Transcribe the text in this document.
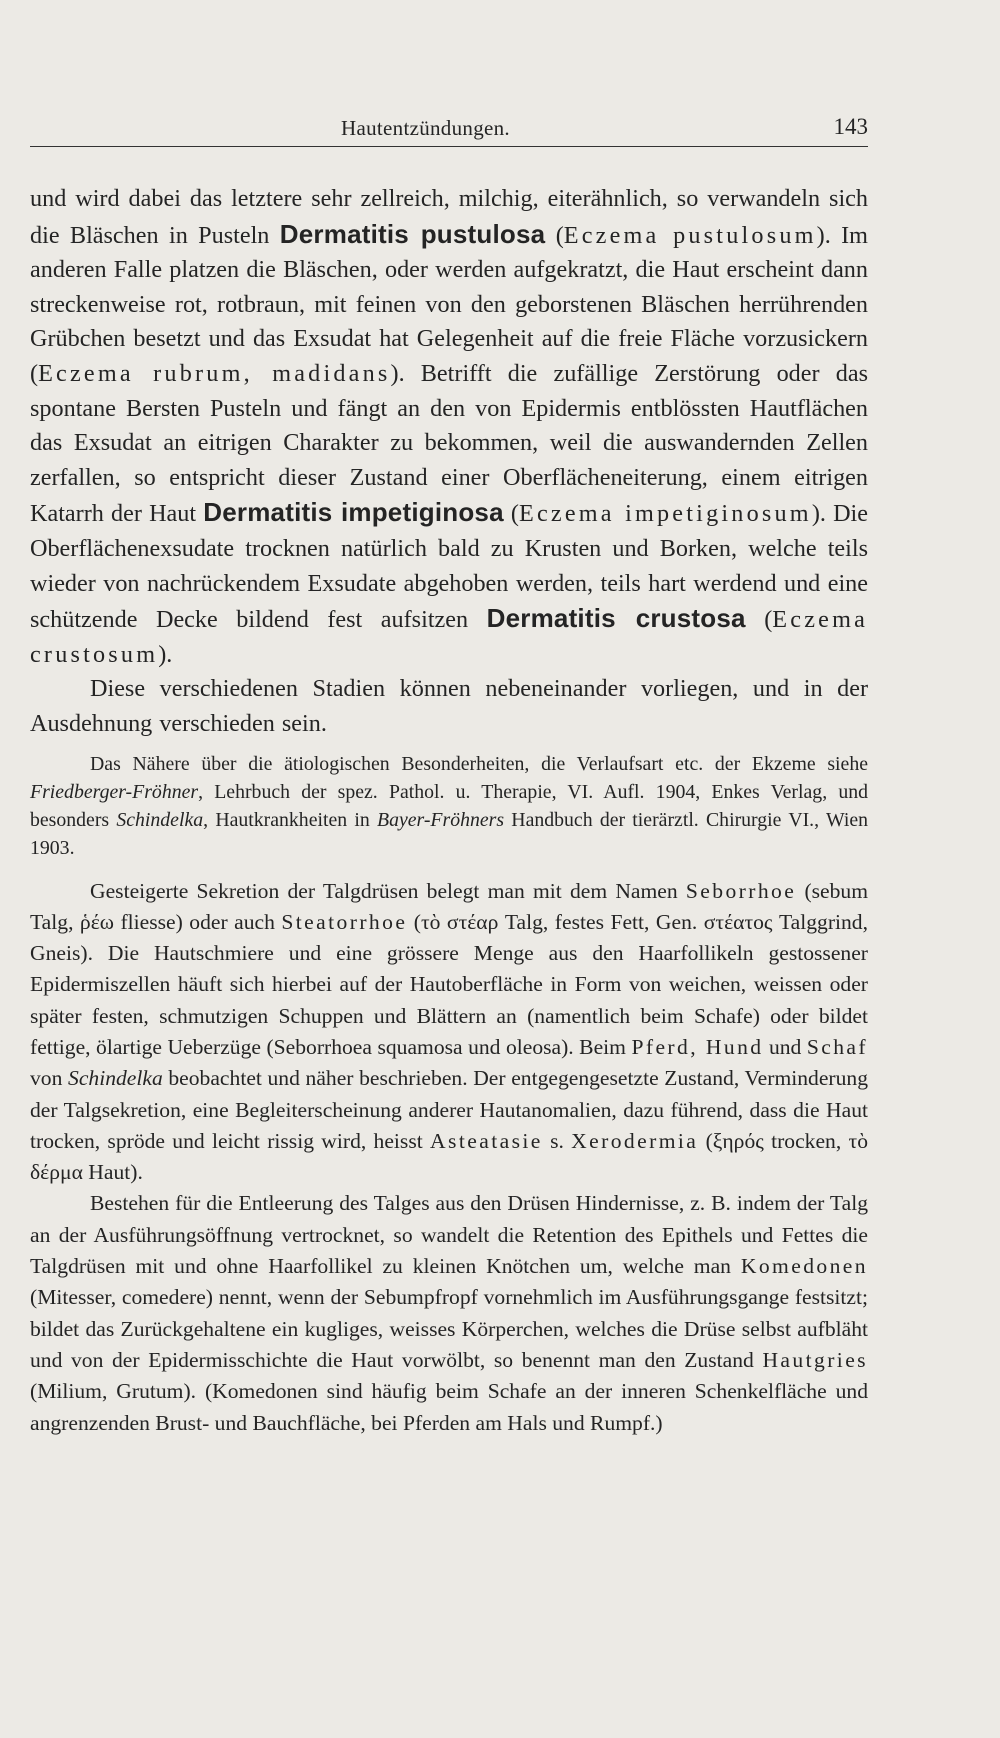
Hautentzündungen.	143

und wird dabei das letztere sehr zellreich, milchig, eiterähnlich, so verwandeln sich die Bläschen in Pusteln Dermatitis pustulosa (Eczema pustulosum). Im anderen Falle platzen die Bläschen, oder werden aufgekratzt, die Haut erscheint dann streckenweise rot, rotbraun, mit feinen von den geborstenen Bläschen herrührenden Grübchen besetzt und das Exsudat hat Gelegenheit auf die freie Fläche vorzusickern (Eczema rubrum, madidans). Betrifft die zufällige Zerstörung oder das spontane Bersten Pusteln und fängt an den von Epidermis entblössten Hautflächen das Exsudat an eitrigen Charakter zu bekommen, weil die auswandernden Zellen zerfallen, so entspricht dieser Zustand einer Oberflächeneiterung, einem eitrigen Katarrh der Haut Dermatitis impetiginosa (Eczema impetiginosum). Die Oberflächenexsudate trocknen natürlich bald zu Krusten und Borken, welche teils wieder von nachrückendem Exsudate abgehoben werden, teils hart werdend und eine schützende Decke bildend fest aufsitzen Dermatitis crustosa (Eczema crustosum).

Diese verschiedenen Stadien können nebeneinander vorliegen, und in der Ausdehnung verschieden sein.

Das Nähere über die ätiologischen Besonderheiten, die Verlaufsart etc. der Ekzeme siehe Friedberger-Fröhner, Lehrbuch der spez. Pathol. u. Therapie, VI. Aufl. 1904, Enkes Verlag, und besonders Schindelka, Hautkrankheiten in Bayer-Fröhners Handbuch der tierärztl. Chirurgie VI., Wien 1903.

Gesteigerte Sekretion der Talgdrüsen belegt man mit dem Namen Seborrhoe (sebum Talg, ῥέω fliesse) oder auch Steatorrhoe (τὸ στέαρ Talg, festes Fett, Gen. στέατος Talggrind, Gneis). Die Hautschmiere und eine grössere Menge aus den Haarfollikeln gestossener Epidermiszellen häuft sich hierbei auf der Hautoberfläche in Form von weichen, weissen oder später festen, schmutzigen Schuppen und Blättern an (namentlich beim Schafe) oder bildet fettige, ölartige Ueberzüge (Seborrhoea squamosa und oleosa). Beim Pferd, Hund und Schaf von Schindelka beobachtet und näher beschrieben. Der entgegengesetzte Zustand, Verminderung der Talgsekretion, eine Begleiterscheinung anderer Hautanomalien, dazu führend, dass die Haut trocken, spröde und leicht rissig wird, heisst Asteatasie s. Xerodermia (ξηρός trocken, τὸ δέρμα Haut).

Bestehen für die Entleerung des Talges aus den Drüsen Hindernisse, z. B. indem der Talg an der Ausführungsöffnung vertrocknet, so wandelt die Retention des Epithels und Fettes die Talgdrüsen mit und ohne Haarfollikel zu kleinen Knötchen um, welche man Komedonen (Mitesser, comedere) nennt, wenn der Sebumpfropf vornehmlich im Ausführungsgange festsitzt; bildet das Zurückgehaltene ein kugliges, weisses Körperchen, welches die Drüse selbst aufbläht und von der Epidermisschichte die Haut vorwölbt, so benennt man den Zustand Hautgries (Milium, Grutum). (Komedonen sind häufig beim Schafe an der inneren Schenkelfläche und angrenzenden Brust- und Bauchfläche, bei Pferden am Hals und Rumpf.)
